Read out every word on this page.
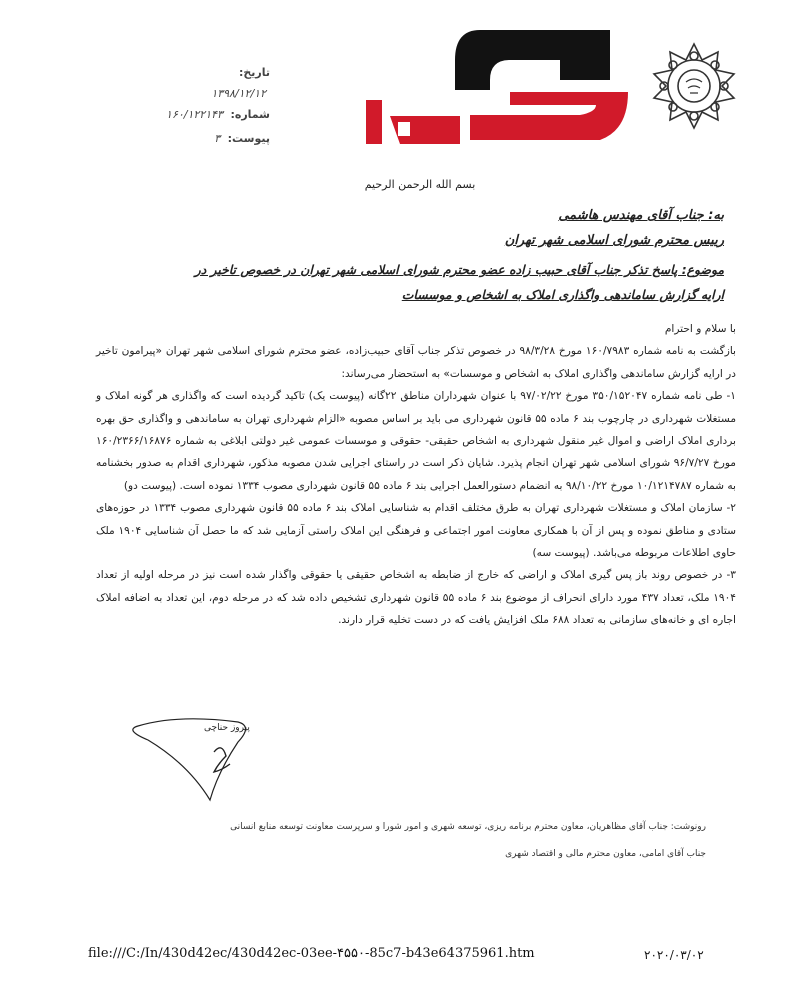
تاریخ:
۱۳۹۸/۱۲/۱۲
شماره: ۱۶۰/۱۲۲۱۴۳
پیوست: ۳
بسم الله الرحمن الرحیم
به: جناب آقای مهندس هاشمی
رییس محترم شورای اسلامی شهر تهران
موضوع: پاسخ تذکر جناب آقای حبیب زاده عضو محترم شورای اسلامی شهر تهران در خصوص تاخیر در
ارایه گزارش ساماندهی واگذاری املاک به اشخاص و موسسات

با سلام و احترام

بازگشت به نامه شماره ۱۶۰/۷۹۸۳ مورخ ۹۸/۳/۲۸ در خصوص تذکر جناب آقای حبیب‌زاده، عضو محترم شورای اسلامی شهر تهران «پیرامون تاخیر در ارایه گزارش ساماندهی واگذاری املاک به اشخاص و موسسات» به استحضار می‌رساند:

۱- طی نامه شماره ۳۵۰/۱۵۲۰۴۷ مورخ ۹۷/۰۲/۲۲ با عنوان شهرداران مناطق ۲۲گانه (پیوست یک) تاکید گردیده است که واگذاری هر گونه املاک و مستغلات شهرداری در چارچوب بند ۶ ماده ۵۵ قانون شهرداری می باید بر اساس مصوبه «الزام شهرداری تهران به ساماندهی و واگذاری حق بهره برداری املاک اراضی و اموال غیر منقول شهرداری به اشخاص حقیقی- حقوقی و موسسات عمومی غیر دولتی ابلاغی به شماره ۱۶۰/۲۳۶۶/۱۶۸۷۶ مورخ ۹۶/۷/۲۷ شورای اسلامی شهر تهران انجام پذیرد. شایان ذکر است در راستای اجرایی شدن مصوبه مذکور، شهرداری اقدام به صدور بخشنامه به شماره ۱۰/۱۲۱۴۷۸۷ مورخ ۹۸/۱۰/۲۲ به انضمام دستورالعمل اجرایی بند ۶ ماده ۵۵ قانون شهرداری مصوب ۱۳۳۴ نموده است. (پیوست دو)

۲- سازمان املاک و مستغلات شهرداری تهران به طرق مختلف اقدام به شناسایی املاک بند ۶ ماده ۵۵ قانون شهرداری مصوب ۱۳۳۴ در حوزه‌های ستادی و مناطق نموده و پس از آن با همکاری معاونت امور اجتماعی و فرهنگی این املاک راستی آزمایی شد که ما حصل آن شناسایی ۱۹۰۴ ملک حاوی اطلاعات مربوطه می‌باشد. (پیوست سه)

۳- در خصوص روند باز پس گیری املاک و اراضی که خارج از ضابطه به اشخاص حقیقی یا حقوقی واگذار شده است نیز در مرحله اولیه از تعداد ۱۹۰۴ ملک، تعداد ۴۳۷ مورد دارای انحراف از موضوع بند ۶ ماده ۵۵ قانون شهرداری تشخیص داده شد که در مرحله دوم، این تعداد به اضافه املاک اجاره ای و خانه‌های سازمانی به تعداد ۶۸۸ ملک افزایش یافت که در دست تخلیه قرار دارند.

پیروز حناچی
رونوشت: جناب آقای مظاهریان، معاون محترم برنامه ریزی، توسعه شهری و امور شورا و سرپرست معاونت توسعه منابع انسانی
جناب آقای امامی، معاون محترم مالی و اقتصاد شهری
file:///C:/In/430d42ec/430d42ec-03ee-۴۵۵۰-85c7-b43e64375961.htm	۲۰۲۰/۰۳/۰۲
